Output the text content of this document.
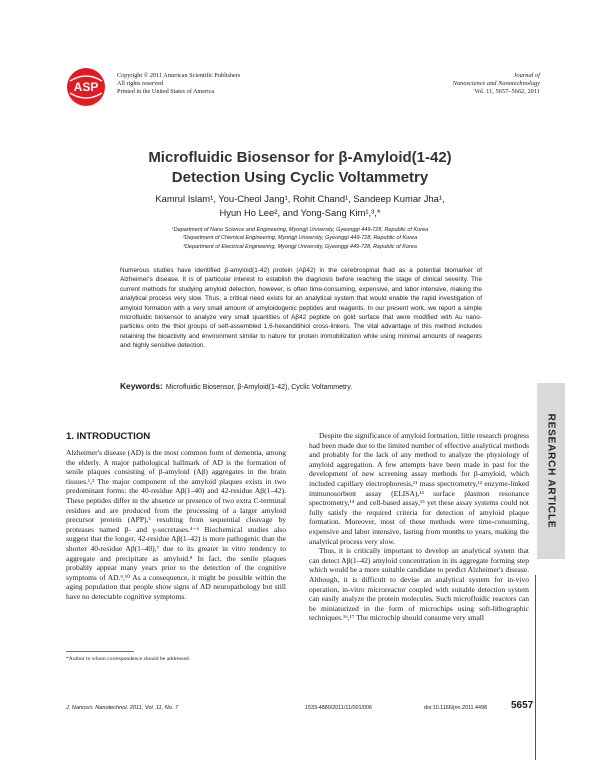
ASP
Copyright © 2011 American Scientific Publishers
All rights reserved
Printed in the United States of America
Journal of
Nanoscience and Nanotechnology
Vol. 11, 5657–5662, 2011
Microfluidic Biosensor for β-Amyloid(1-42)
Detection Using Cyclic Voltammetry
Kamrul Islam¹, You-Cheol Jang¹, Rohit Chand¹, Sandeep Kumar Jha¹,
Hyun Ho Lee², and Yong-Sang Kim¹,³,*
¹Department of Nano Science and Engineering, Myongji University, Gyeonggi 449-728, Republic of Korea
²Department of Chemical Engineering, Myongji University, Gyeonggi 449-728, Republic of Korea
³Department of Electrical Engineering, Myongji University, Gyeonggi 449-728, Republic of Korea
Numerous studies have identified β-amyloid(1-42) protein (Aβ42) in the cerebrospinal fluid as a potential biomarker of Alzheimer's disease. It is of particular interest to establish the diagnosis before reaching the stage of clinical severity. The current methods for studying amyloid detection, however, is often time-consuming, expensive, and labor intensive, making the analytical process very slow. Thus, a critical need exists for an analytical system that would enable the rapid investigation of amyloid formation with a very small amount of amyloidogenic peptides and reagents. In our present work, we report a simple microfluidic biosensor to analyze very small quantities of Aβ42 peptide on gold surface that were modified with Au nano-particles onto the thiol groups of self-assembled 1,6-hexanditihiol cross-linkers. The vital advantage of this method includes retaining the bioactivity and environment similar to nature for protein immobilization while using minimal amounts of reagents and highly sensitive detection.
Keywords: Microfluidic Biosensor, β-Amyloid(1-42), Cyclic Voltammetry.
RESEARCH ARTICLE
1. INTRODUCTION

Alzheimer's disease (AD) is the most common form of dementia, among the elderly. A major pathological hallmark of AD is the formation of senile plaques consisting of β-amyloid (Aβ) aggregates in the brain tissues.¹,² The major component of the amyloid plaques exists in two predominant forms: the 40-residue Aβ(1–40) and 42-residue Aβ(1–42). These peptides differ in the absence or presence of two extra C-terminal residues and are produced from the processing of a larger amyloid precursor protein (APP),³ resulting from sequential cleavage by proteases named β- and γ-secretases.⁴⁻⁶ Biochemical studies also suggest that the longer, 42-residue Aβ(1–42) is more pathogenic than the shorter 40-residue Aβ(1–40),⁷ due to its greater in vitro tendency to aggregate and precipitate as amyloid.⁸ In fact, the senile plaques probably appear many years prior to the detection of the cognitive symptoms of AD.⁹,¹⁰ As a consequence, it might be possible within the aging population that people show signs of AD neuropathology but still have no detectable cognitive symptoms.

Despite the significance of amyloid formation, little research progress had been made due to the limited number of effective analytical methods and probably for the lack of any method to analyze the physiology of amyloid aggregation. A few attempts have been made in past for the development of new screening assay methods for β-amyloid, which included capillary electrophoresis,¹¹ mass spectrometry,¹² enzyme-linked immunosorbent assay (ELISA),¹³ surface plasmon resonance spectrometry,¹⁴ and cell-based assay,¹⁵ yet these assay systems could not fully satisfy the required criteria for detection of amyloid plaque formation. Moreover, most of these methods were time-consuming, expensive and labor intensive, lasting from months to years, making the analytical process very slow.

Thus, it is critically important to develop an analytical system that can detect Aβ(1–42) amyloid concentration in its aggregate forming step which would be a more suitable candidate to predict Alzheimer's disease. Although, it is difficult to devise an analytical system for in-vivo operation, in-vitro microreactor coupled with suitable detection system can easily analyze the protein molecules. Such microfluidic reactors can be miniaturized in the form of microchips using soft-lithographic techniques.¹⁶,¹⁷ The microchip should consume very small

*Author to whom correspondence should be addressed.
J. Nanosci. Nanotechnol. 2011, Vol. 11, No. 7	1533-4880/2011/11/001/006	doi:10.1166/jnn.2011.4498 5657
